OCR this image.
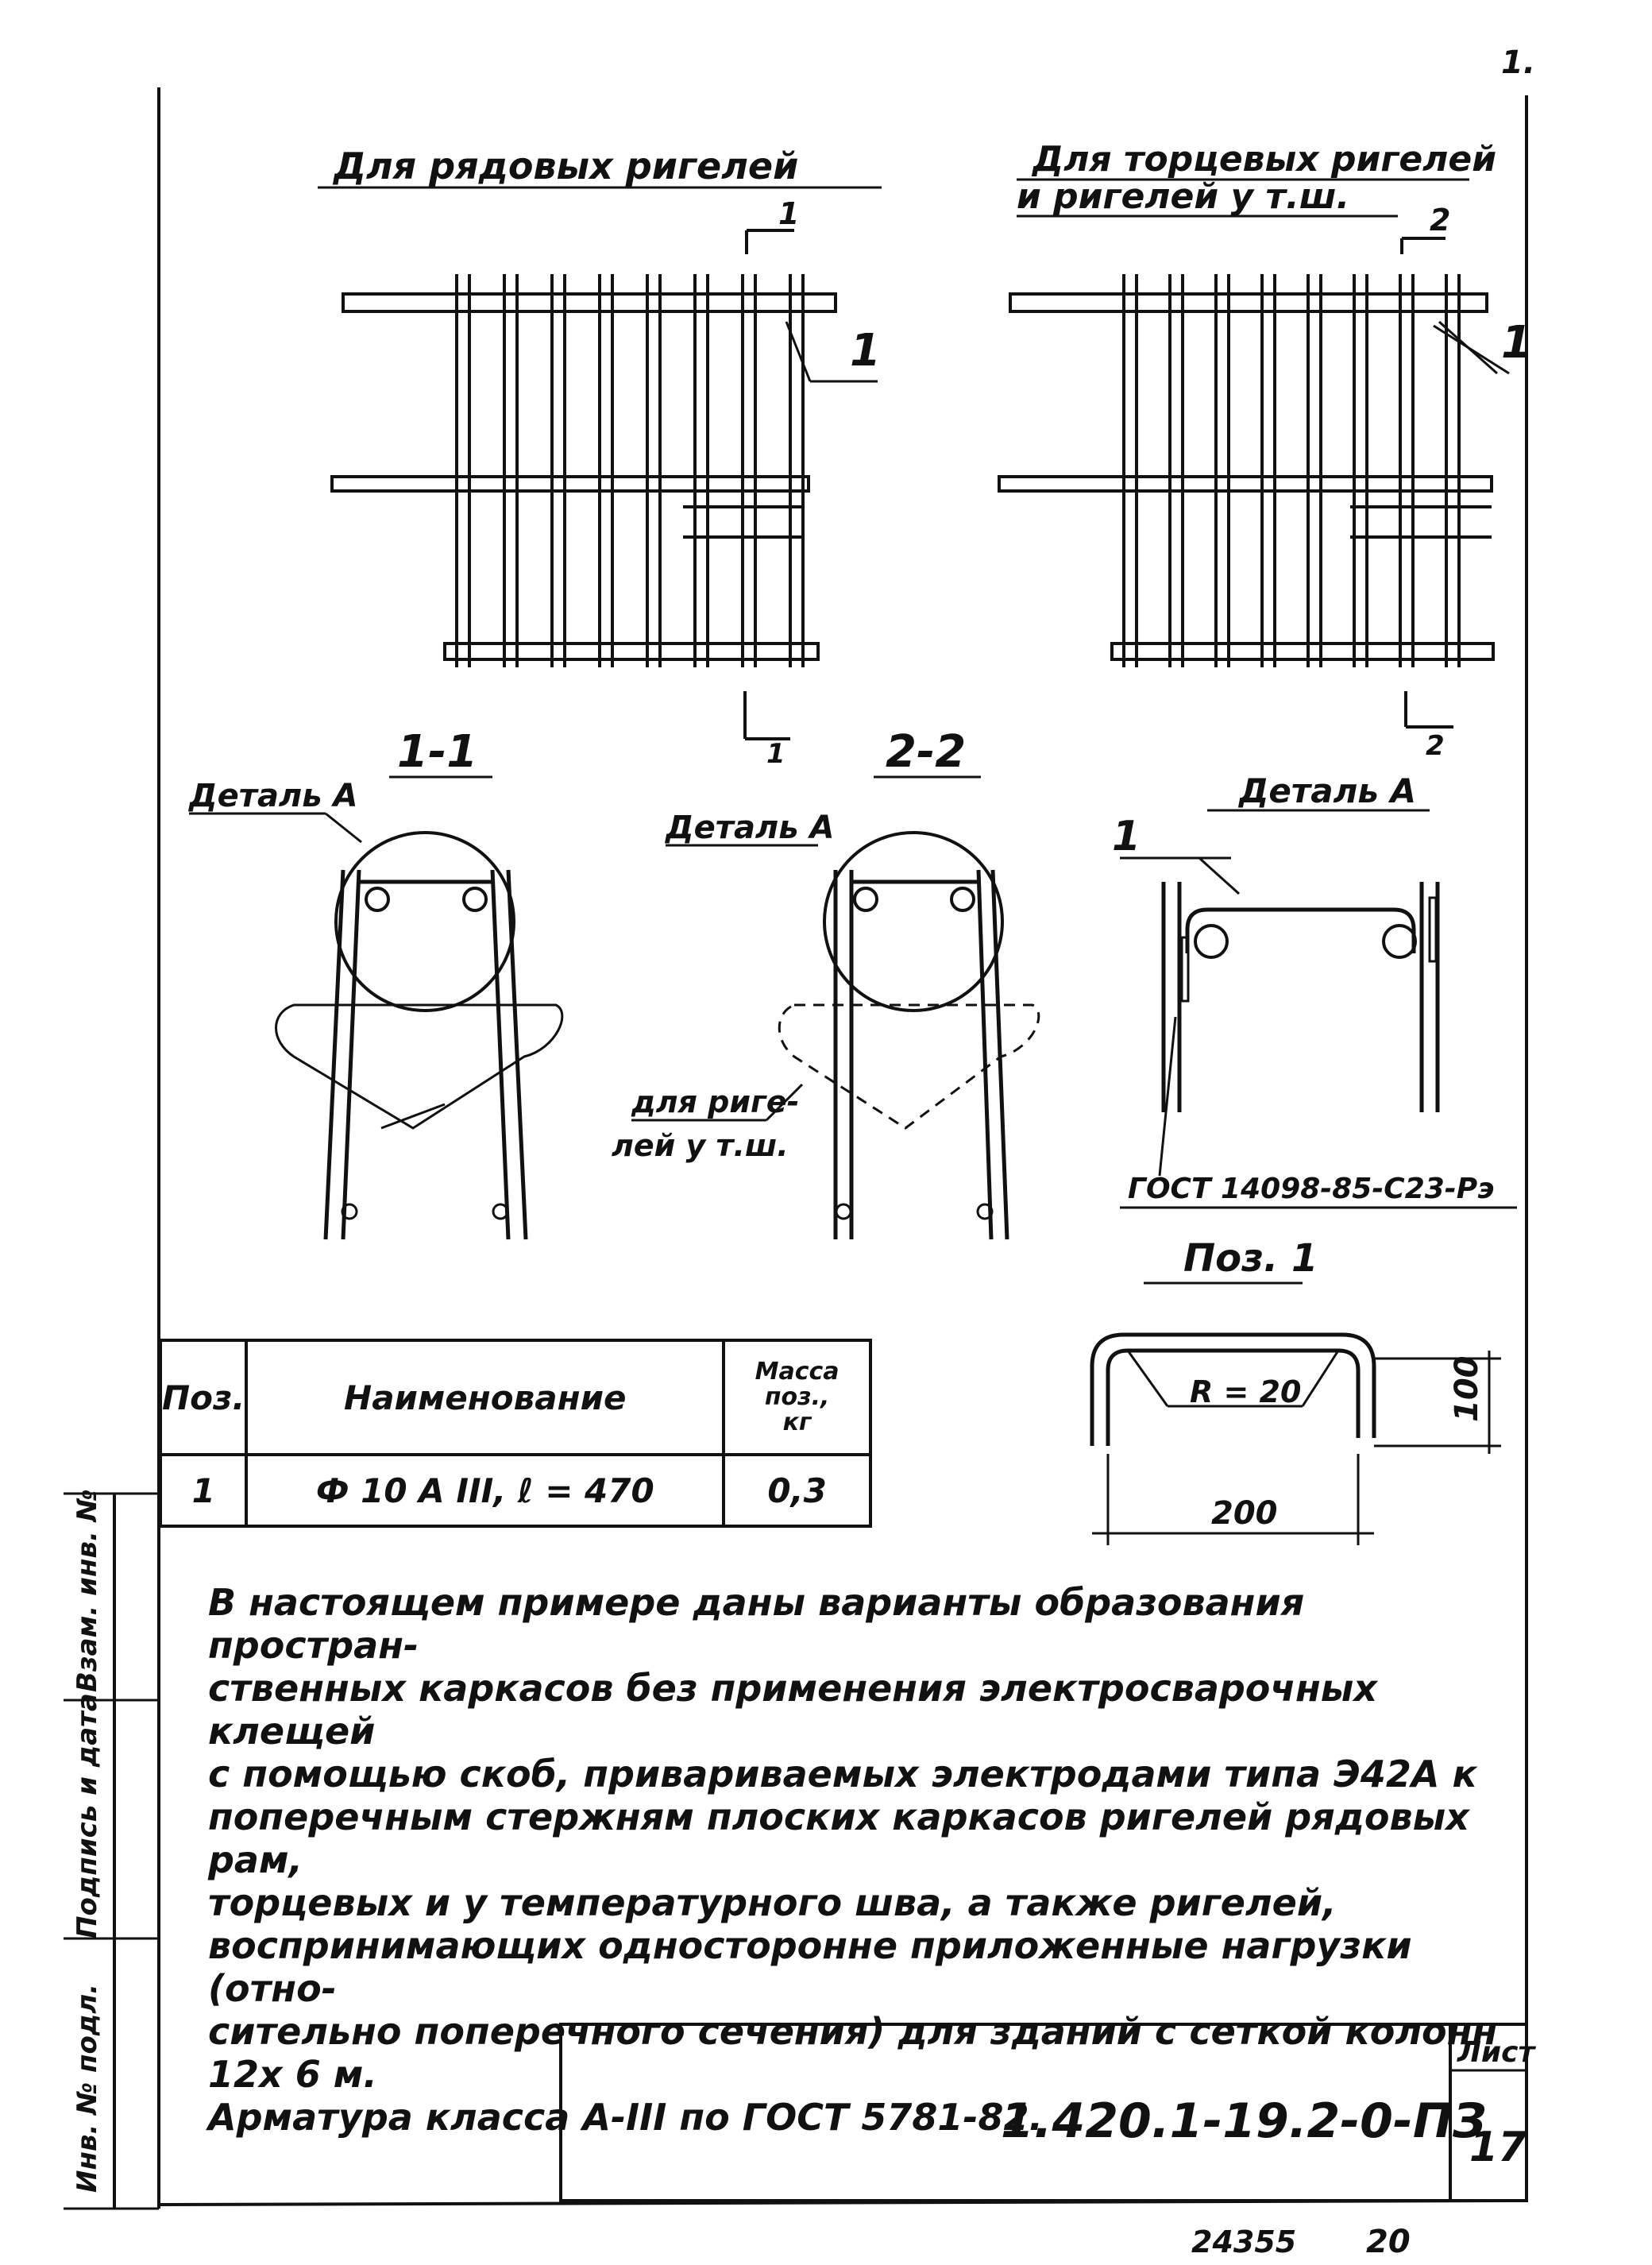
1.
Для рядовых ригелей
1
1
1
Для торцевых ригелей
и ригелей у т.ш.
2
2
1
1-1
Деталь А
2-2
Деталь А
для риге-
лей у т.ш.
Деталь А
1
ГОСТ 14098-85-С23-Рэ
Поз. 1
R = 20	100
200
Лист
1.420.1-19.2-0-ПЗ
17
24355 20
Поз.	Наименование	Масса
поз.,
кг

1	Ф 10 А III, ℓ = 470	0,3

В настоящем примере даны варианты образования простран-

ственных каркасов без применения электросварочных клещей

с помощью скоб, привариваемых электродами типа Э42А к

поперечным стержням плоских каркасов ригелей рядовых рам,

торцевых и у температурного шва, а также ригелей,

воспринимающих односторонне приложенные нагрузки (отно-

сительно поперечного сечения) для зданий с сеткой колонн

12х 6 м.

Арматура класса А-III по ГОСТ 5781-82.

Инв. № подл.
Подпись и дата
Взам. инв. №
